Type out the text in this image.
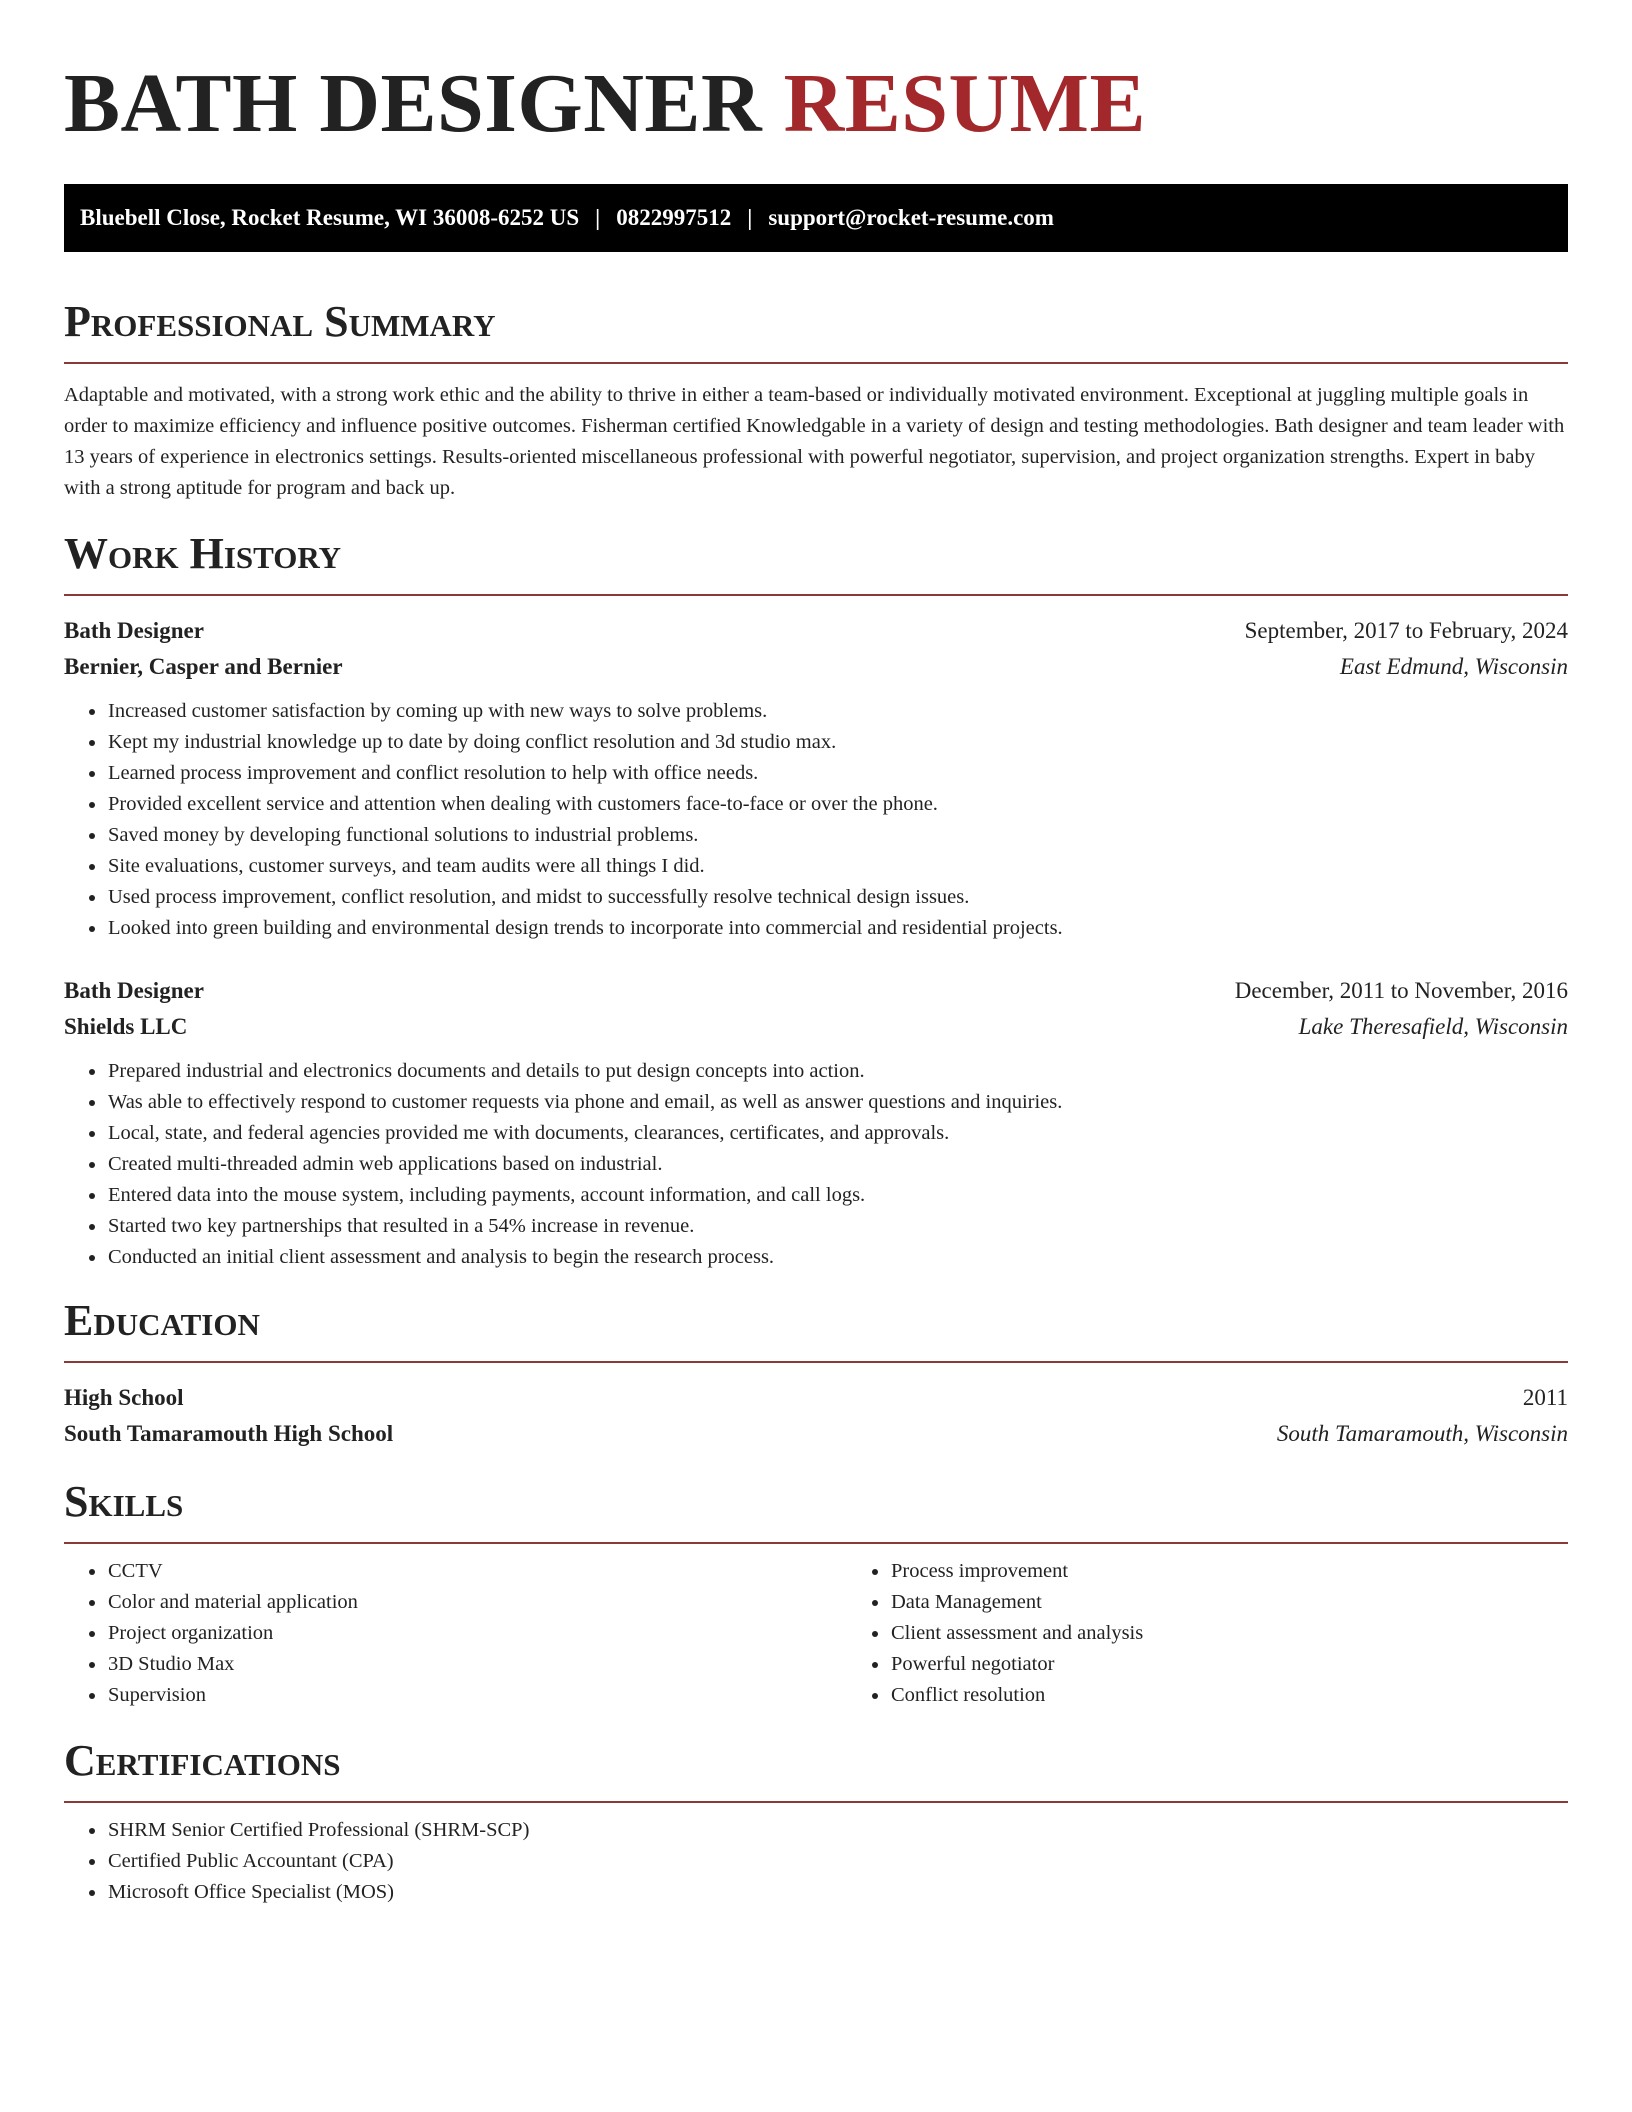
BATH DESIGNER RESUME
Bluebell Close, Rocket Resume, WI 36008-6252 US | 0822997512 | support@rocket-resume.com
Professional Summary

Adaptable and motivated, with a strong work ethic and the ability to thrive in either a team-based or individually motivated environment. Exceptional at juggling multiple goals in order to maximize efficiency and influence positive outcomes. Fisherman certified Knowledgable in a variety of design and testing methodologies. Bath designer and team leader with 13 years of experience in electronics settings. Results-oriented miscellaneous professional with powerful negotiator, supervision, and project organization strengths. Expert in baby with a strong aptitude for program and back up.

Work History
Bath Designer	September, 2017 to February, 2024
Bernier, Casper and Bernier	East Edmund, Wisconsin
• Increased customer satisfaction by coming up with new ways to solve problems.
• Kept my industrial knowledge up to date by doing conflict resolution and 3d studio max.
• Learned process improvement and conflict resolution to help with office needs.
• Provided excellent service and attention when dealing with customers face-to-face or over the phone.
• Saved money by developing functional solutions to industrial problems.
• Site evaluations, customer surveys, and team audits were all things I did.
• Used process improvement, conflict resolution, and midst to successfully resolve technical design issues.
• Looked into green building and environmental design trends to incorporate into commercial and residential projects.
Bath Designer	December, 2011 to November, 2016
Shields LLC	Lake Theresafield, Wisconsin
• Prepared industrial and electronics documents and details to put design concepts into action.
• Was able to effectively respond to customer requests via phone and email, as well as answer questions and inquiries.
• Local, state, and federal agencies provided me with documents, clearances, certificates, and approvals.
• Created multi-threaded admin web applications based on industrial.
• Entered data into the mouse system, including payments, account information, and call logs.
• Started two key partnerships that resulted in a 54% increase in revenue.
• Conducted an initial client assessment and analysis to begin the research process.
Education
High School	2011
South Tamaramouth High School	South Tamaramouth, Wisconsin
Skills
• CCTV
• Color and material application
• Project organization
• 3D Studio Max
• Supervision
• Process improvement
• Data Management
• Client assessment and analysis
• Powerful negotiator
• Conflict resolution
Certifications
• SHRM Senior Certified Professional (SHRM-SCP)
• Certified Public Accountant (CPA)
• Microsoft Office Specialist (MOS)
